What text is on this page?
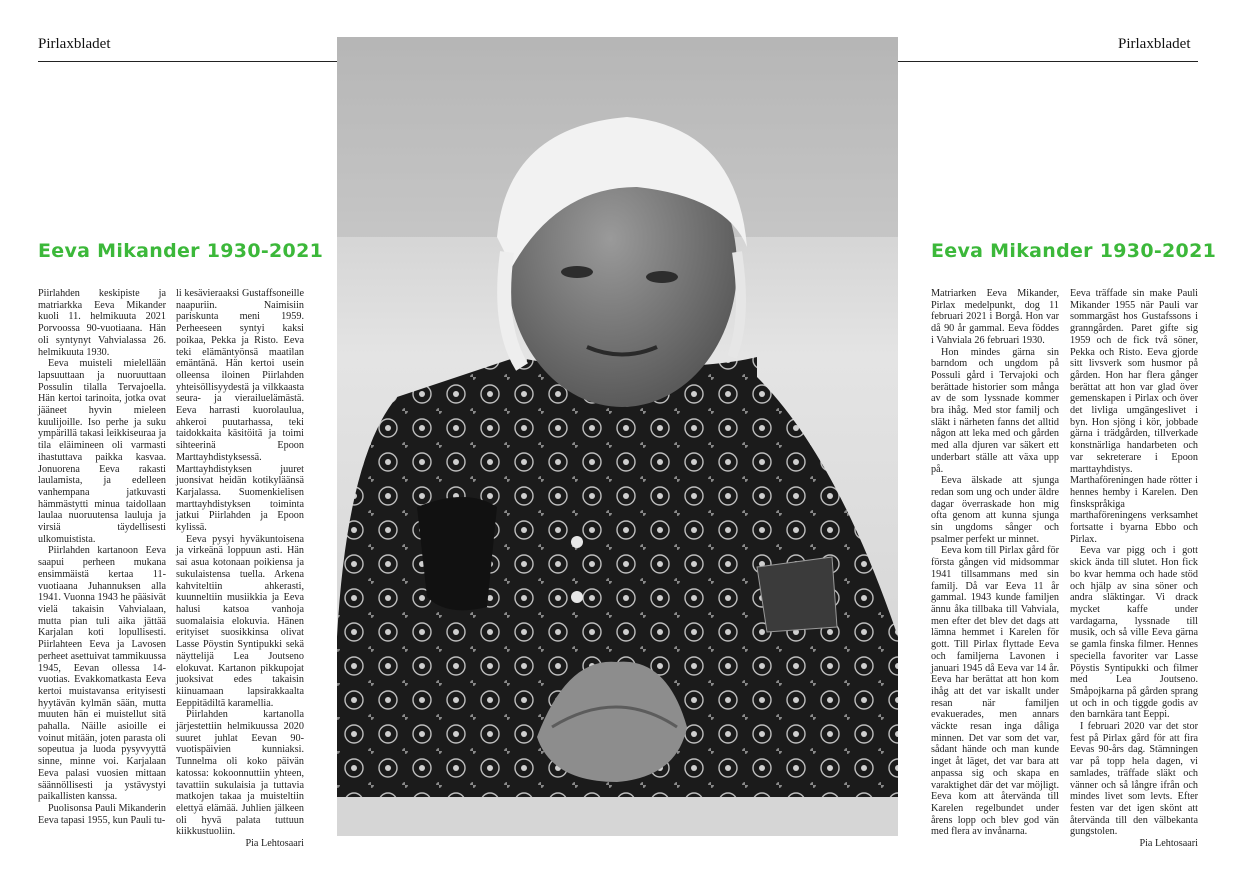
Pirlaxbladet	Pirlaxbladet
Eeva Mikander 1930-2021	Eeva Mikander 1930-2021

Piirlahden keskipiste ja matriarkka Eeva Mikander kuoli 11. helmikuuta 2021 Porvoossa 90-vuotiaana. Hän oli syntynyt Vahvialassa 26. helmikuuta 1930.

Eeva muisteli mielellään lapsuuttaan ja nuoruuttaan Possulin tilalla Tervajoella. Hän kertoi tarinoita, jotka ovat jääneet hyvin mieleen kuulijoille. Iso perhe ja suku ympärillä takasi leikkiseuraa ja tila eläimineen oli varmasti ihastuttava paikka kasvaa. Jonuorena Eeva rakasti laulamista, ja edelleen vanhempana jatkuvasti hämmästytti minua taidollaan laulaa nuoruutensa lauluja ja virsiä täydellisesti ulkomuistista.

Piirlahden kartanoon Eeva saapui perheen mukana ensimmäistä kertaa 11-vuotiaana Juhannuksen alla 1941. Vuonna 1943 he pääsivät vielä takaisin Vahvialaan, mutta pian tuli aika jättää Karjalan koti lopullisesti. Piirlahteen Eeva ja Lavosen perheet asettuivat tammikuussa 1945, Eevan ollessa 14-vuotias. Evakkomatkasta Eeva kertoi muistavansa erityisesti hyytävän kylmän sään, mutta muuten hän ei muistellut sitä pahalla. Näille asioille ei voinut mitään, joten parasta oli sopeutua ja luoda pysyvyyttä sinne, minne voi. Karjalaan Eeva palasi vuosien mittaan säännöllisesti ja ystävystyi paikallisten kanssa.

Puolisonsa Pauli Mikanderin Eeva tapasi 1955, kun Pauli tu-

li kesävieraaksi Gustaffsoneille naapuriin. Naimisiin pariskunta meni 1959. Perheeseen syntyi kaksi poikaa, Pekka ja Risto. Eeva teki elämäntyönsä maatilan emäntänä. Hän kertoi usein olleensa iloinen Piirlahden yhteisöllisyydestä ja vilkkaasta seura- ja vierailuelämästä. Eeva harrasti kuorolaulua, ahkeroi puutarhassa, teki taidokkaita käsitöitä ja toimi sihteerinä Epoon Marttayhdistyksessä. Marttayhdistyksen juuret juonsivat heidän kotikyläänsä Karjalassa. Suomenkielisen marttayhdistyksen toiminta jatkui Piirlahden ja Epoon kylissä.

Eeva pysyi hyväkuntoisena ja virkeänä loppuun asti. Hän sai asua kotonaan poikiensa ja sukulaistensa tuella. Arkena kahviteltiin ahkerasti, kuunneltiin musiikkia ja Eeva halusi katsoa vanhoja suomalaisia elokuvia. Hänen erityiset suosikkinsa olivat Lasse Pöystin Syntipukki sekä näyttelijä Lea Joutseno elokuvat. Kartanon pikkupojat juoksivat edes takaisin kiinuamaan lapsirakkaalta Eeppitädiltä karamellia.

Piirlahden kartanolla järjestettiin helmikuussa 2020 suuret juhlat Eevan 90-vuotispäivien kunniaksi. Tunnelma oli koko päivän katossa: kokoonnuttiin yhteen, tavattiin sukulaisia ja tuttavia matkojen takaa ja muisteltiin elettyä elämää. Juhlien jälkeen oli hyvä palata tuttuun kiikkustuoliin.

Pia Lehtosaari

Matriarken Eeva Mikander, Pirlax medelpunkt, dog 11 februari 2021 i Borgå. Hon var då 90 år gammal. Eeva föddes i Vahviala 26 februari 1930.

Hon mindes gärna sin barndom och ungdom på Possuli gård i Tervajoki och berättade historier som många av de som lyssnade kommer bra ihåg. Med stor familj och släkt i närheten fanns det alltid någon att leka med och gården med alla djuren var säkert ett underbart ställe att växa upp på.

Eeva älskade att sjunga redan som ung och under äldre dagar överraskade hon mig ofta genom att kunna sjunga sin ungdoms sånger och psalmer perfekt ur minnet.

Eeva kom till Pirlax gård för första gången vid midsommar 1941 tillsammans med sin familj. Då var Eeva 11 år gammal. 1943 kunde familjen ännu åka tillbaka till Vahviala, men efter det blev det dags att lämna hemmet i Karelen för gott. Till Pirlax flyttade Eeva och familjerna Lavonen i januari 1945 då Eeva var 14 år. Eeva har berättat att hon kom ihåg att det var iskallt under resan när familjen evakuerades, men annars väckte resan inga dåliga minnen. Det var som det var, sådant hände och man kunde inget åt läget, det var bara att anpassa sig och skapa en varaktighet där det var möjligt. Eeva kom att återvända till Karelen regelbundet under årens lopp och blev god vän med flera av invånarna.

Eeva träffade sin make Pauli Mikander 1955 när Pauli var sommargäst hos Gustafssons i granngården. Paret gifte sig 1959 och de fick två söner, Pekka och Risto. Eeva gjorde sitt livsverk som husmor på gården. Hon har flera gånger berättat att hon var glad över gemenskapen i Pirlax och över det livliga umgängeslivet i byn. Hon sjöng i kör, jobbade gärna i trädgården, tillverkade konstnärliga handarbeten och var sekreterare i Epoon marttayhdistys. Marthaföreningen hade rötter i hennes hemby i Karelen. Den finskspråkiga marthaföreningens verksamhet fortsatte i byarna Ebbo och Pirlax.

Eeva var pigg och i gott skick ända till slutet. Hon fick bo kvar hemma och hade stöd och hjälp av sina söner och andra släktingar. Vi drack mycket kaffe under vardagarna, lyssnade till musik, och så ville Eeva gärna se gamla finska filmer. Hennes speciella favoriter var Lasse Pöystis Syntipukki och filmer med Lea Joutseno. Småpojkarna på gården sprang ut och in och tiggde godis av den barnkära tant Eeppi.

I februari 2020 var det stor fest på Pirlax gård för att fira Eevas 90-års dag. Stämningen var på topp hela dagen, vi samlades, träffade släkt och vänner och så långre ifrån och mindes livet som levts. Efter festen var det igen skönt att återvända till den välbekanta gungstolen.

Pia Lehtosaari
